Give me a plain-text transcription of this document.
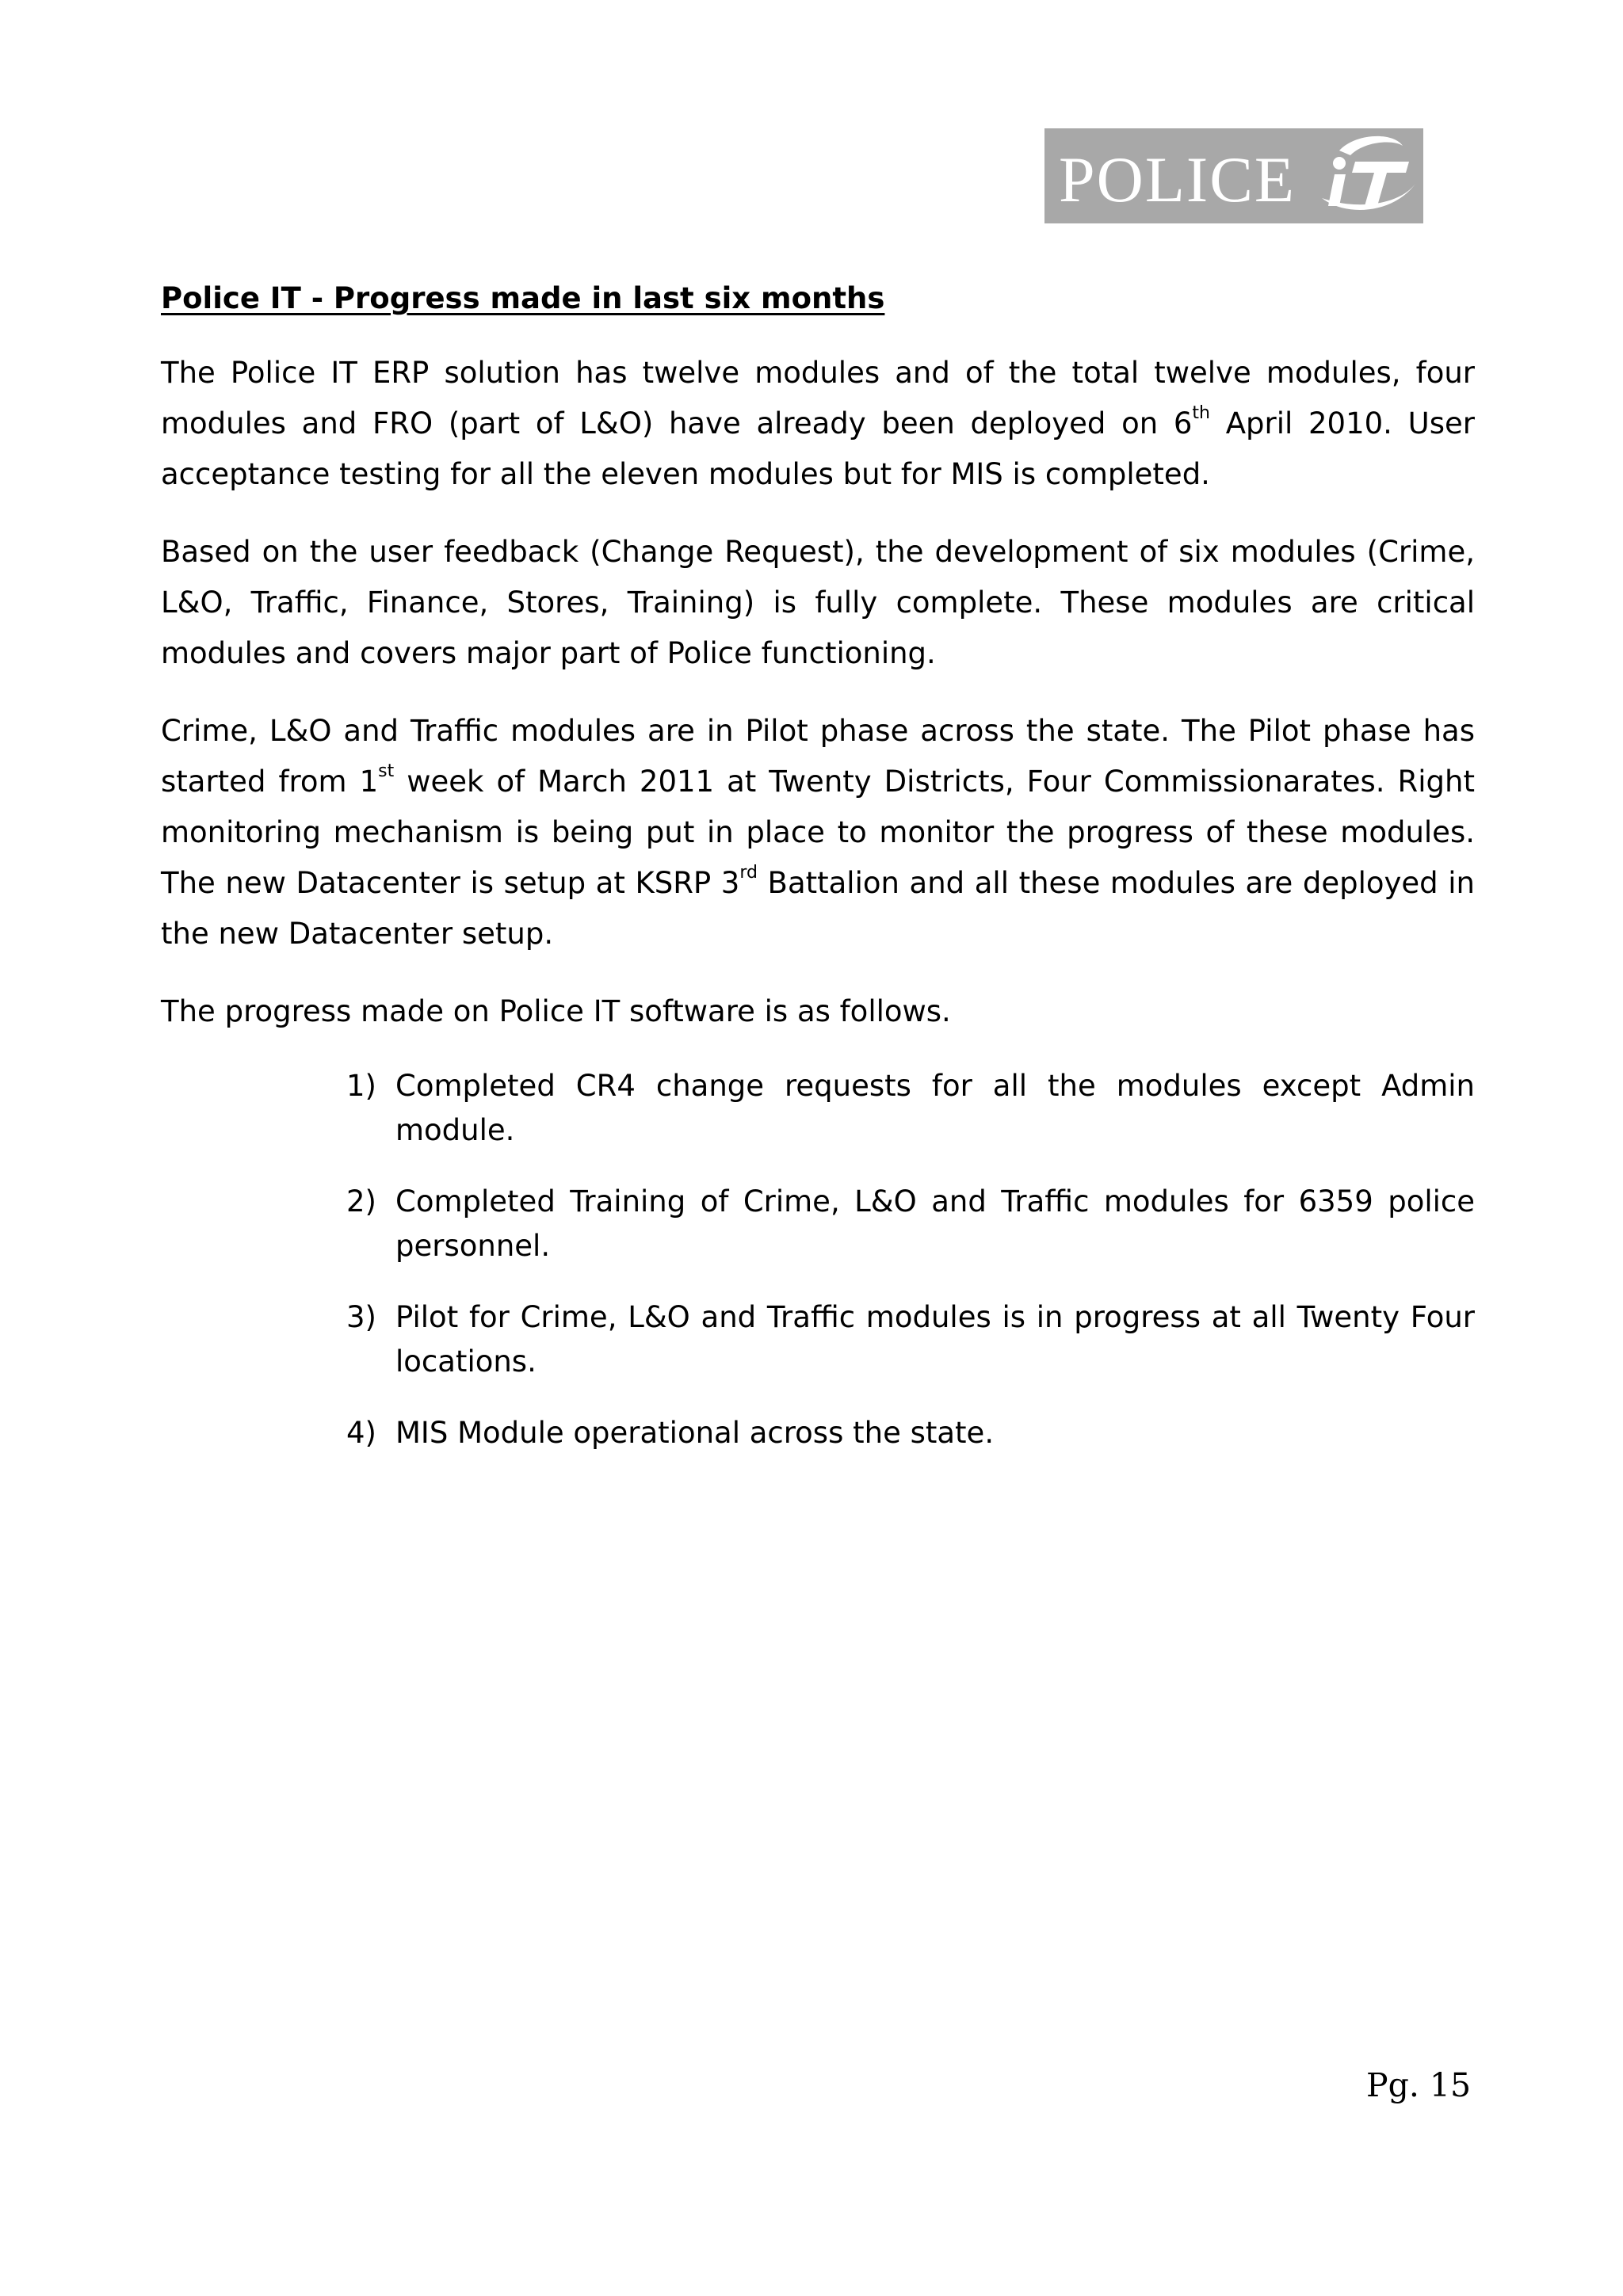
POLICE
Police IT - Progress made in last six months

The Police IT ERP solution has twelve modules and of the total twelve modules, four modules and FRO (part of L&O) have already been deployed on 6th April 2010. User acceptance testing for all the eleven modules but for MIS is completed.

Based on the user feedback (Change Request), the development of six modules (Crime, L&O, Traffic, Finance, Stores, Training) is fully complete. These modules are critical modules and covers major part of Police functioning.

Crime, L&O and Traffic modules are in Pilot phase across the state. The Pilot phase has started from 1st week of March 2011 at Twenty Districts, Four Commissionarates. Right monitoring mechanism is being put in place to monitor the progress of these modules. The new Datacenter is setup at KSRP 3rd Battalion and all these modules are deployed in the new Datacenter setup.

The progress made on Police IT software is as follows.

1) Completed CR4 change requests for all the modules except Admin module.
2) Completed Training of Crime, L&O and Traffic modules for 6359 police personnel.
3) Pilot for Crime, L&O and Traffic modules is in progress at all Twenty Four locations.
4) MIS Module operational across the state.
Pg. 15
